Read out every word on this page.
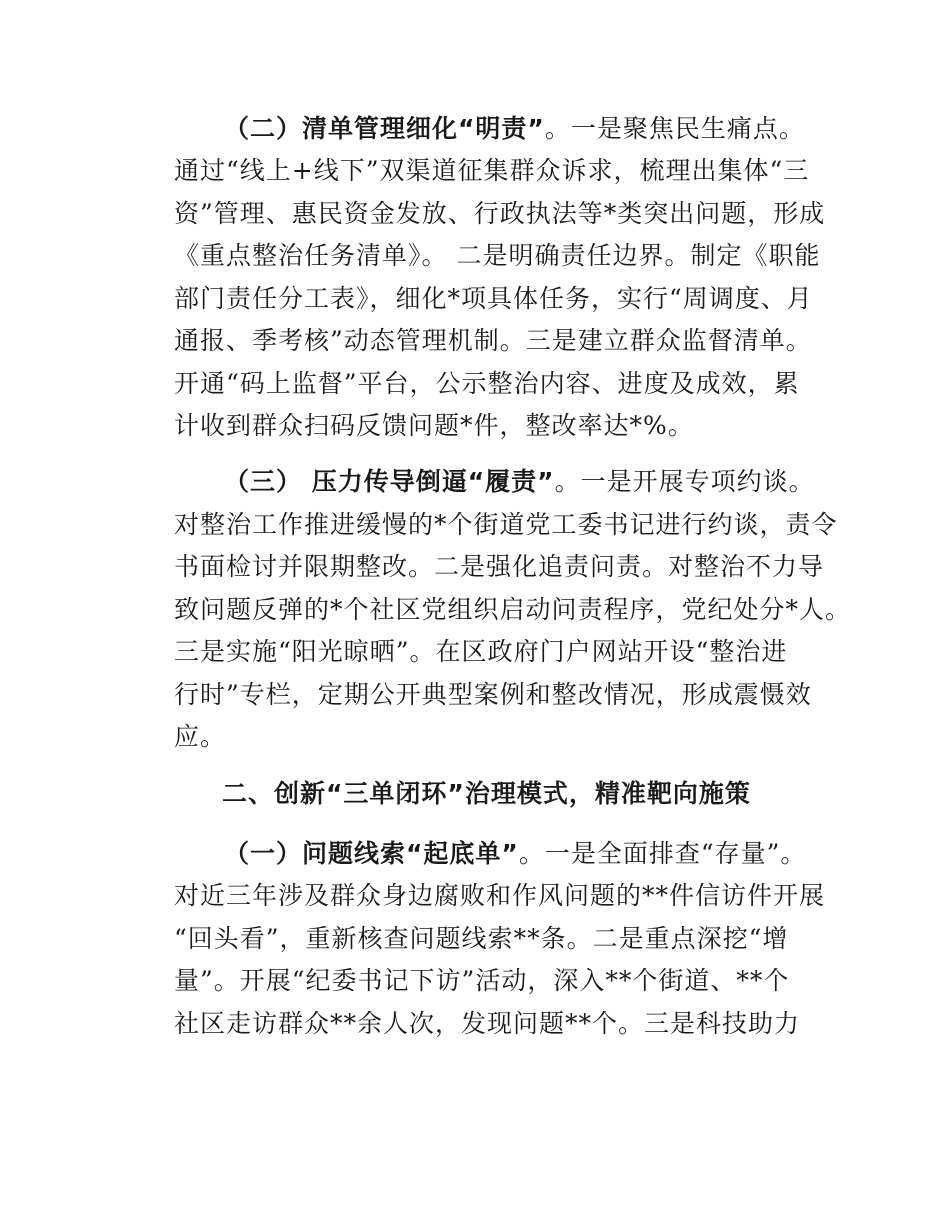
（二）清单管理细化“明责”。一是聚焦民生痛点。
通过“线上+线下”双渠道征集群众诉求，梳理出集体“三
资”管理、惠民资金发放、行政执法等*类突出问题，形成
《重点整治任务清单》。 二是明确责任边界。制定《职能
部门责任分工表》，细化*项具体任务，实行“周调度、月
通报、季考核”动态管理机制。三是建立群众监督清单。
开通“码上监督”平台，公示整治内容、进度及成效，累
计收到群众扫码反馈问题*件，整改率达*%。
（三） 压力传导倒逼“履责”。一是开展专项约谈。
对整治工作推进缓慢的*个街道党工委书记进行约谈，责令
书面检讨并限期整改。二是强化追责问责。对整治不力导
致问题反弹的*个社区党组织启动问责程序，党纪处分*人。
三是实施“阳光晾晒”。在区政府门户网站开设“整治进
行时”专栏，定期公开典型案例和整改情况，形成震慑效
应。
二、创新“三单闭环”治理模式，精准靶向施策
（一）问题线索“起底单”。一是全面排查“存量”。
对近三年涉及群众身边腐败和作风问题的**件信访件开展
“回头看”，重新核查问题线索**条。二是重点深挖“增
量”。开展“纪委书记下访”活动，深入**个街道、**个
社区走访群众**余人次，发现问题**个。三是科技助力
